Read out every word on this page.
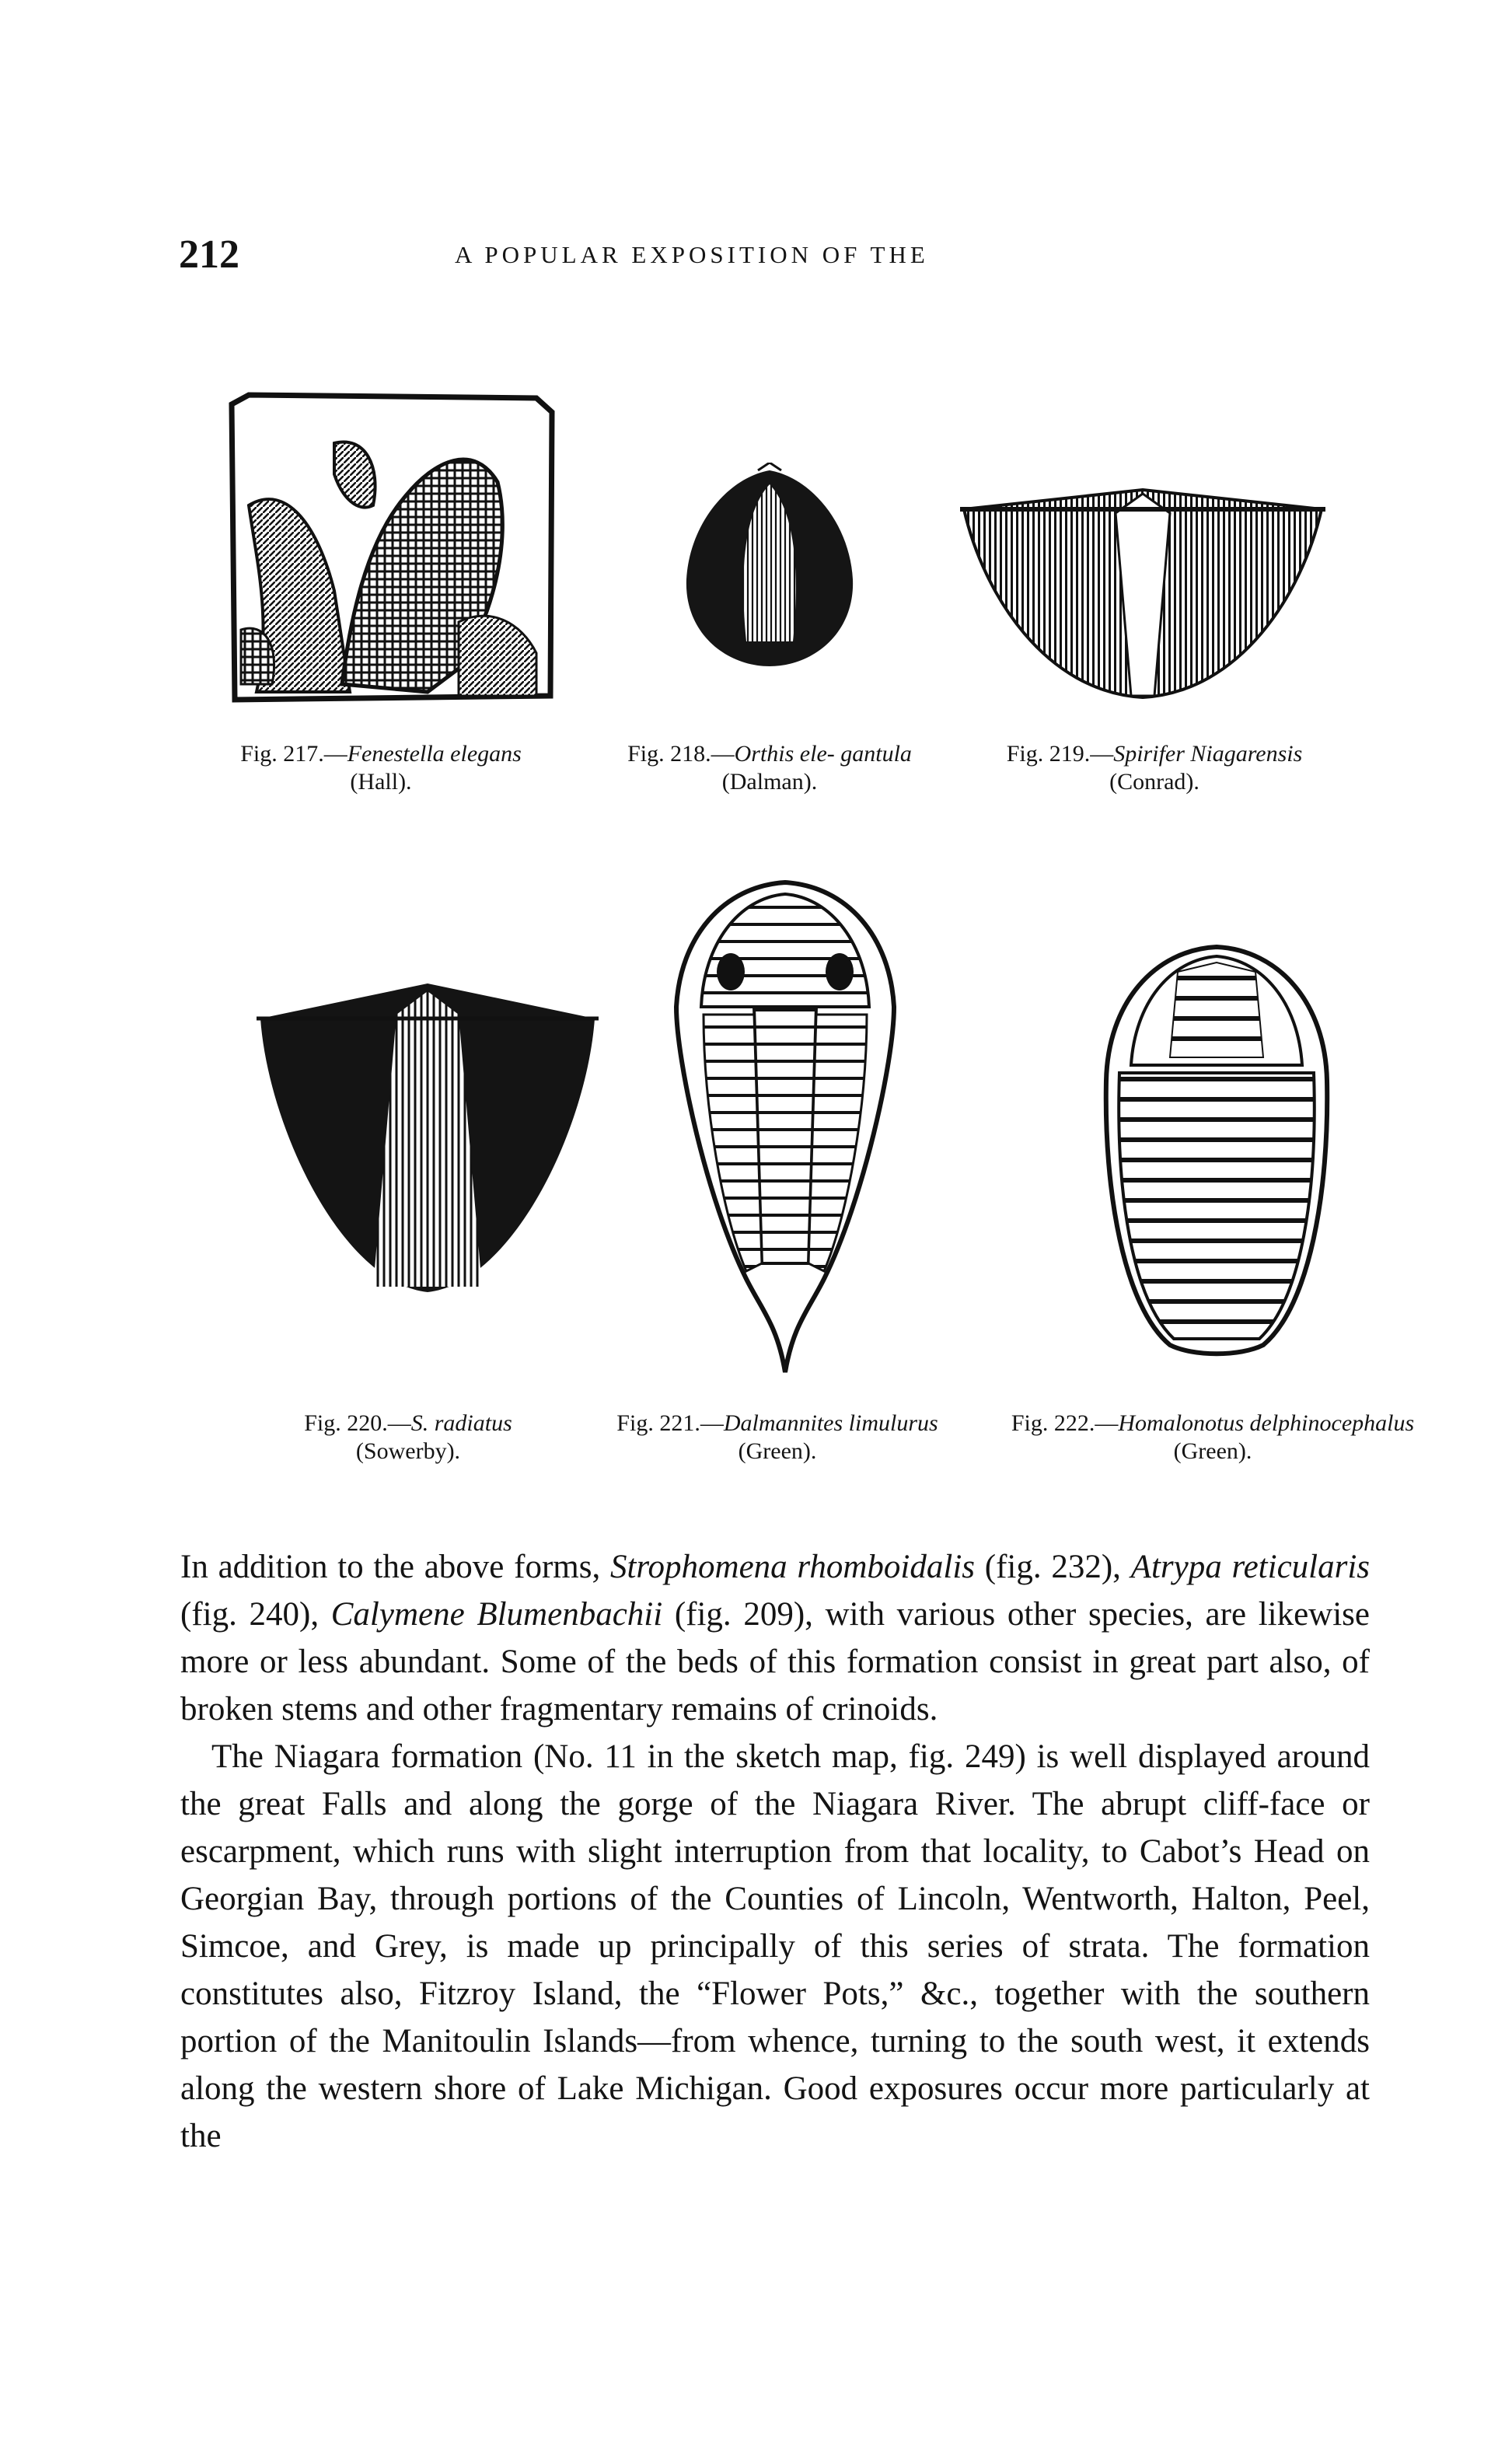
212	A POPULAR EXPOSITION OF THE
Fig. 217.—Fenestella elegans
(Hall).
Fig. 218.—Orthis ele- gantula
(Dalman).
Fig. 219.—Spirifer Niagarensis
(Conrad).
Fig. 220.—S. radiatus
(Sowerby).
Fig. 221.—Dalmannites limulurus
(Green).
Fig. 222.—Homalonotus delphinocephalus
(Green).

In addition to the above forms, Strophomena rhomboidalis (fig. 232), Atrypa reticularis (fig. 240), Calymene Blumenbachii (fig. 209), with various other species, are likewise more or less abundant. Some of the beds of this formation consist in great part also, of broken stems and other fragmentary remains of crinoids.

The Niagara formation (No. 11 in the sketch map, fig. 249) is well displayed around the great Falls and along the gorge of the Niagara River. The abrupt cliff-face or escarpment, which runs with slight interruption from that locality, to Cabot’s Head on Georgian Bay, through portions of the Counties of Lincoln, Wentworth, Halton, Peel, Simcoe, and Grey, is made up principally of this series of strata. The formation constitutes also, Fitzroy Island, the “Flower Pots,” &c., together with the southern portion of the Manitoulin Islands—from whence, turning to the south west, it extends along the western shore of Lake Michigan. Good exposures occur more particularly at the
